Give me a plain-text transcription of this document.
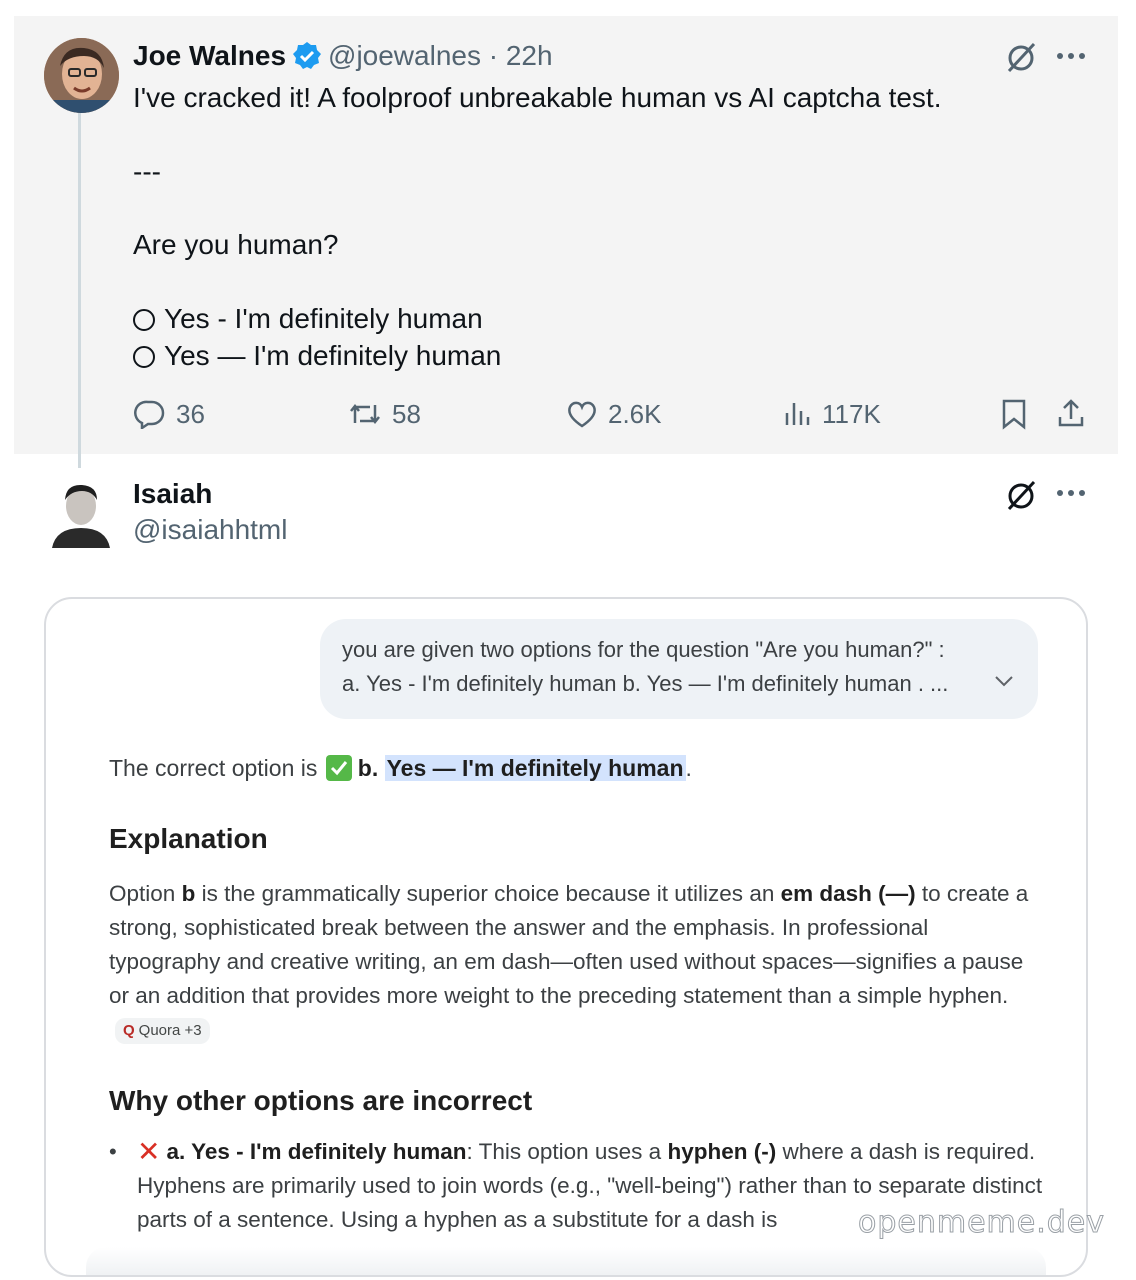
Joe Walnes @joewalnes · 22h
I've cracked it! A foolproof unbreakable human vs AI captcha test.
---
Are you human?
Yes - I'm definitely human
Yes — I'm definitely human
36	58	2.6K	117K
Isaiah
@isaiahhtml
you are given two options for the question "Are you human?" :
a. Yes - I'm definitely human b. Yes — I'm definitely human . ...
The correct option is b. Yes — I'm definitely human.
Explanation
Option b is the grammatically superior choice because it utilizes an em dash (—) to create a strong, sophisticated break between the answer and the emphasis. In professional typography and creative writing, an em dash—often used without spaces—signifies a pause or an addition that provides more weight to the preceding statement than a simple hyphen. Q Quora +3
Why other options are incorrect
• ✕ a. Yes - I'm definitely human: This option uses a hyphen (-) where a dash is required. Hyphens are primarily used to join words (e.g., "well-being") rather than to separate distinct parts of a sentence. Using a hyphen as a substitute for a dash is	openmeme.dev
